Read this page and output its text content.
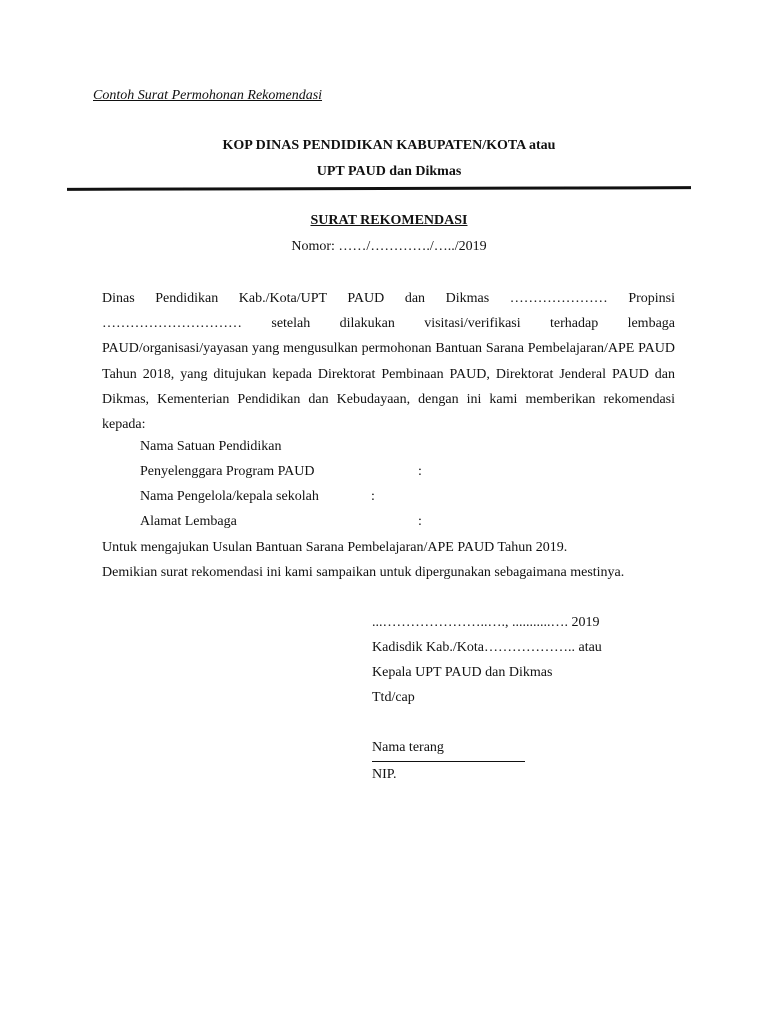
Contoh Surat Permohonan Rekomendasi
KOP DINAS PENDIDIKAN KABUPATEN/KOTA atau
UPT PAUD dan Dikmas
SURAT REKOMENDASI
Nomor: ……/…………./…../2019
Dinas Pendidikan Kab./Kota/UPT PAUD dan Dikmas ………………… Propinsi ………………………… setelah dilakukan visitasi/verifikasi terhadap lembaga PAUD/organisasi/yayasan yang mengusulkan permohonan Bantuan Sarana Pembelajaran/APE PAUD Tahun 2018, yang ditujukan kepada Direktorat Pembinaan PAUD, Direktorat Jenderal PAUD dan Dikmas, Kementerian Pendidikan dan Kebudayaan, dengan ini kami memberikan rekomendasi kepada:
Nama Satuan Pendidikan
Penyelenggara Program PAUD	:
Nama Pengelola/kepala sekolah	:
Alamat Lembaga	:
Untuk mengajukan Usulan Bantuan Sarana Pembelajaran/APE PAUD Tahun 2019.
Demikian surat rekomendasi ini kami sampaikan untuk dipergunakan sebagaimana mestinya.
...…………………..…., ...........…. 2019
Kadisdik Kab./Kota……………….. atau
Kepala UPT PAUD dan Dikmas
Ttd/cap
Nama terang
NIP.
